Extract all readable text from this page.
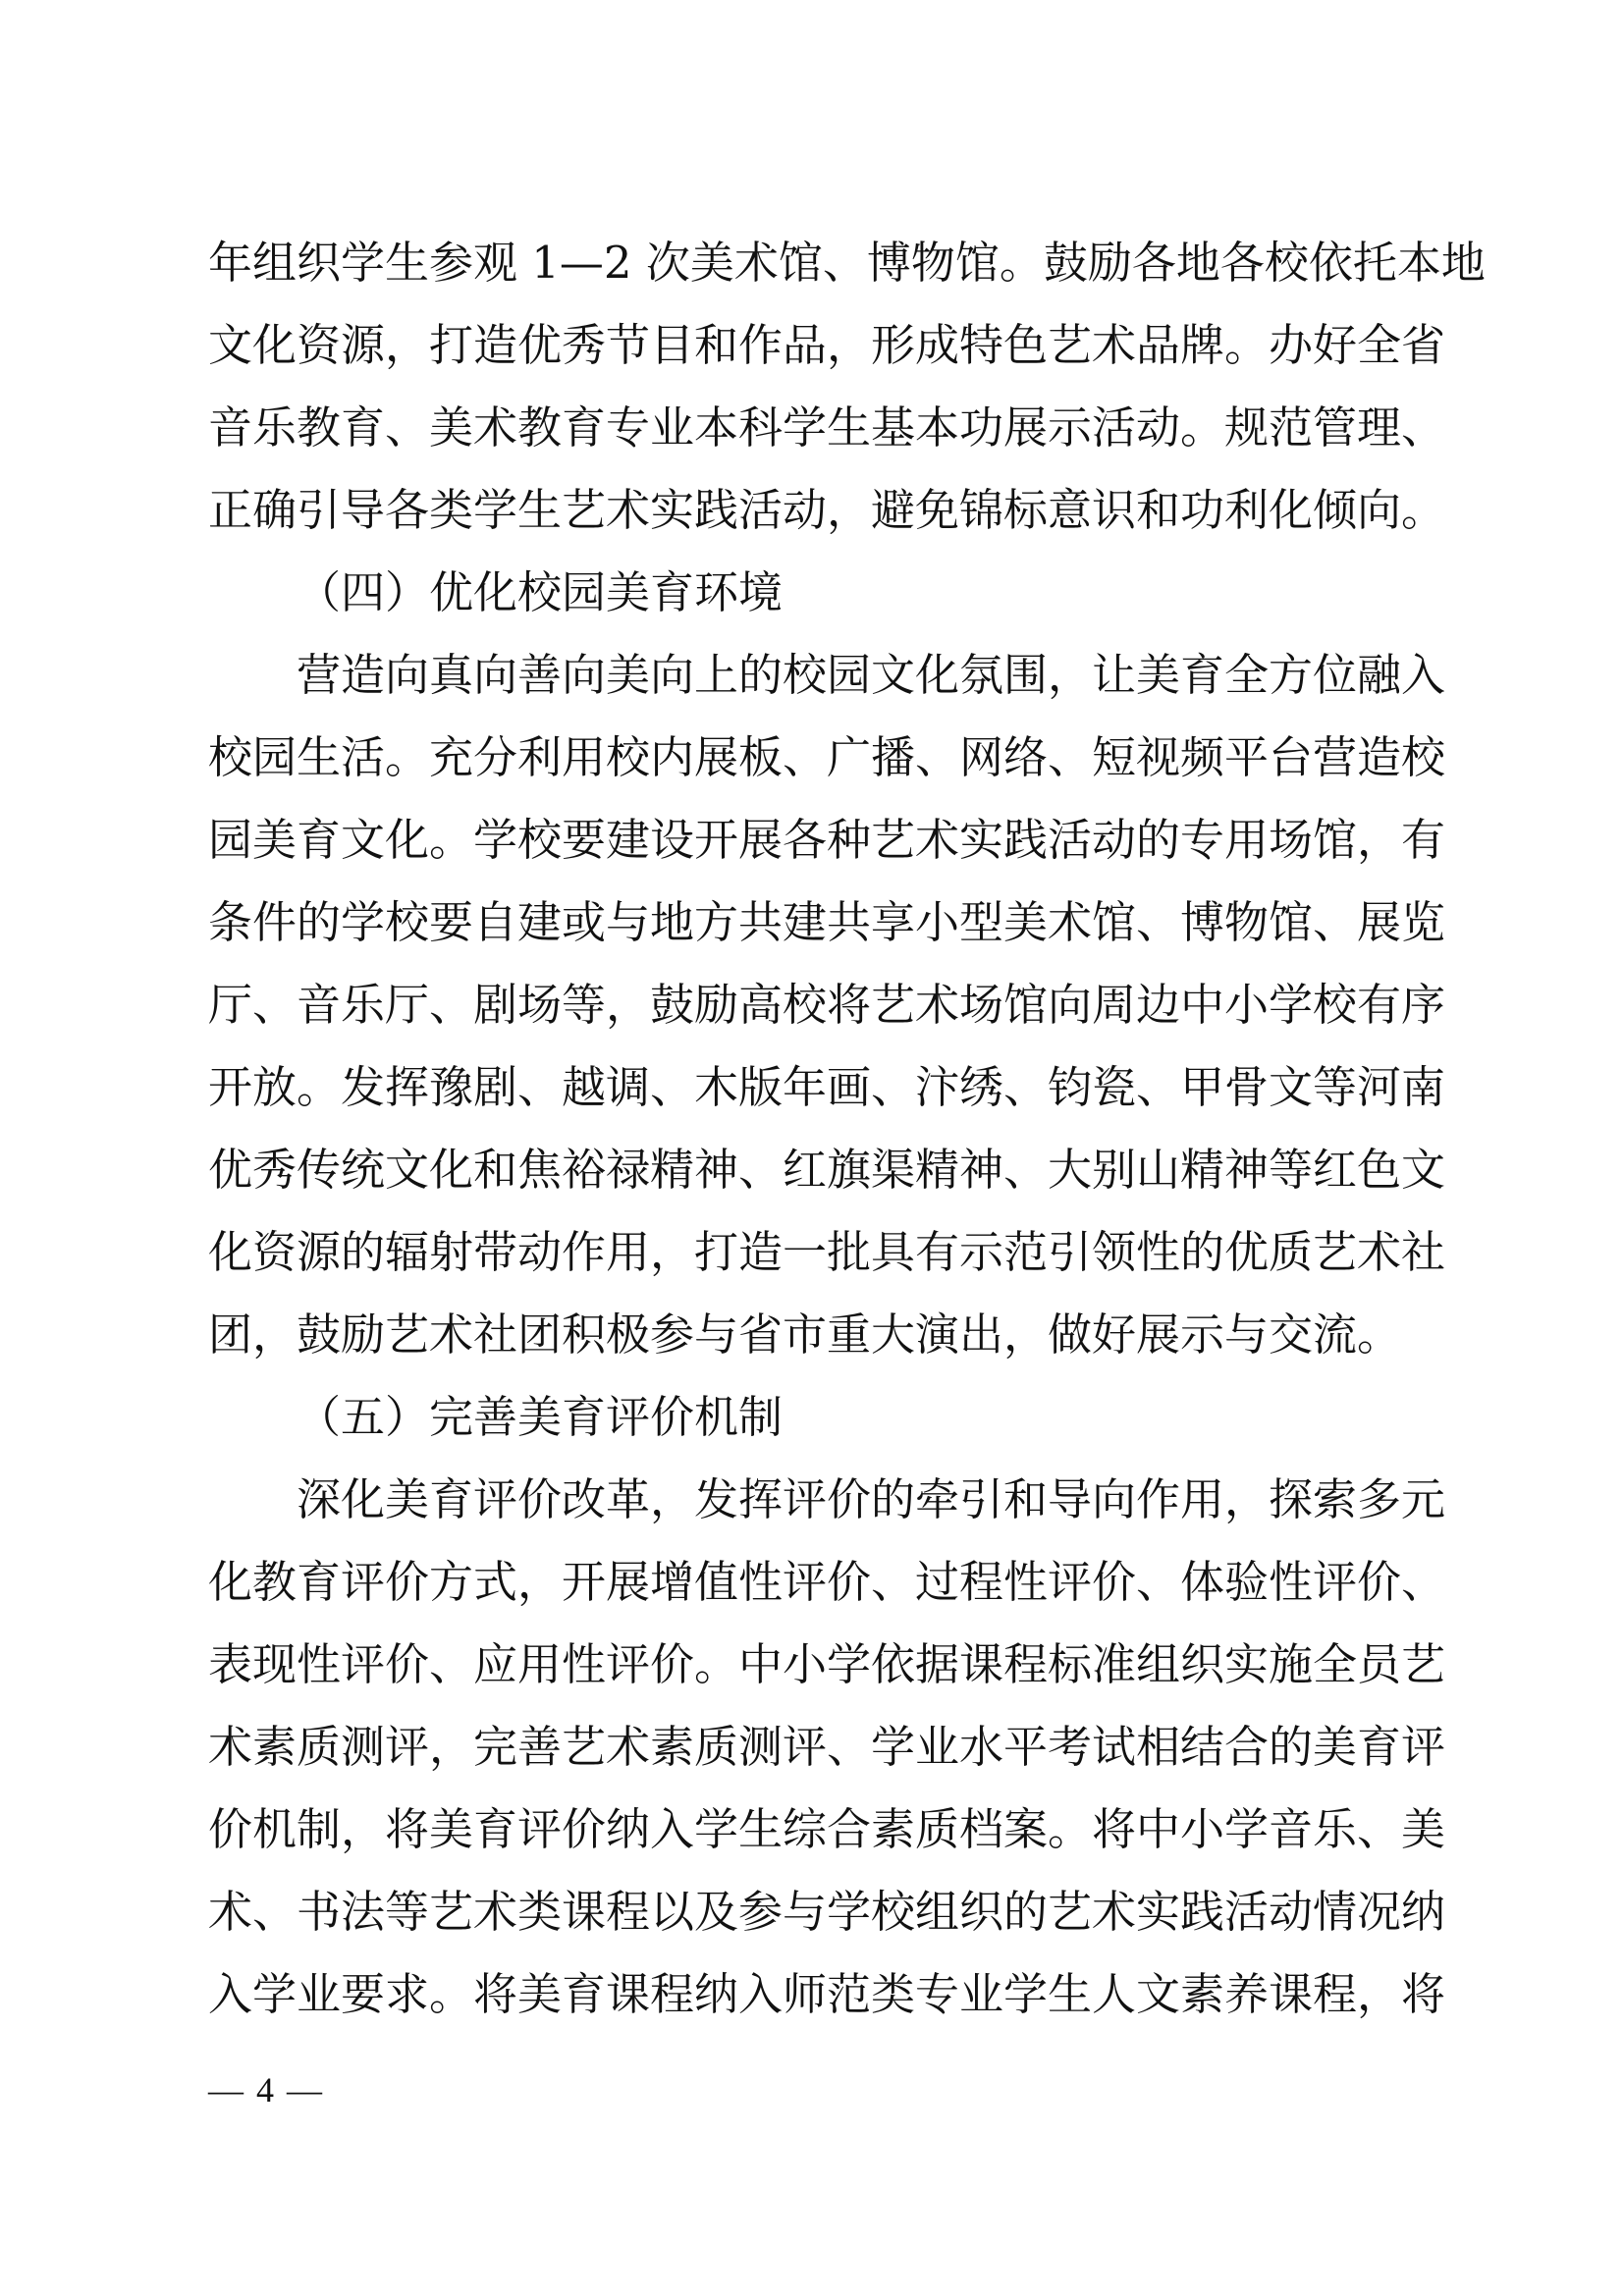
年组织学生参观 1—2 次美术馆、博物馆。鼓励各地各校依托本地
文化资源，打造优秀节目和作品，形成特色艺术品牌。办好全省
音乐教育、美术教育专业本科学生基本功展示活动。规范管理、
正确引导各类学生艺术实践活动，避免锦标意识和功利化倾向。
（四）优化校园美育环境
营造向真向善向美向上的校园文化氛围，让美育全方位融入
校园生活。充分利用校内展板、广播、网络、短视频平台营造校
园美育文化。学校要建设开展各种艺术实践活动的专用场馆，有
条件的学校要自建或与地方共建共享小型美术馆、博物馆、展览
厅、音乐厅、剧场等，鼓励高校将艺术场馆向周边中小学校有序
开放。发挥豫剧、越调、木版年画、汴绣、钧瓷、甲骨文等河南
优秀传统文化和焦裕禄精神、红旗渠精神、大别山精神等红色文
化资源的辐射带动作用，打造一批具有示范引领性的优质艺术社
团，鼓励艺术社团积极参与省市重大演出，做好展示与交流。
（五）完善美育评价机制
深化美育评价改革，发挥评价的牵引和导向作用，探索多元
化教育评价方式，开展增值性评价、过程性评价、体验性评价、
表现性评价、应用性评价。中小学依据课程标准组织实施全员艺
术素质测评，完善艺术素质测评、学业水平考试相结合的美育评
价机制，将美育评价纳入学生综合素质档案。将中小学音乐、美
术、书法等艺术类课程以及参与学校组织的艺术实践活动情况纳
入学业要求。将美育课程纳入师范类专业学生人文素养课程，将
— 4 —
